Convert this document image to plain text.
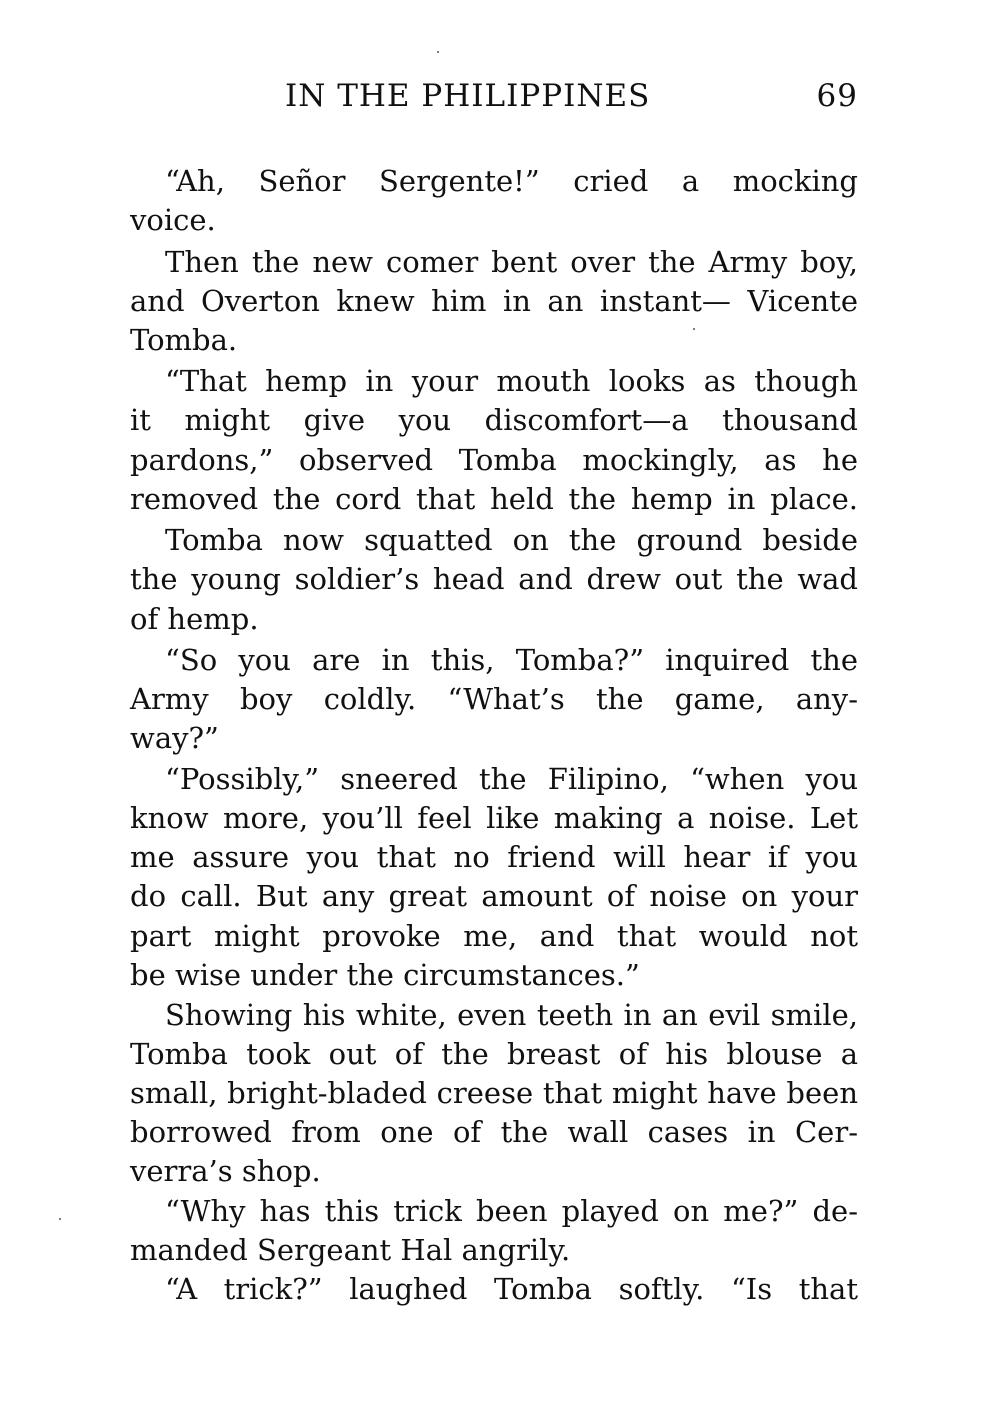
IN THE PHILIPPINES	69
“Ah, Señor Sergente!” cried a mocking
voice.
Then the new comer bent over the Army boy,
and Overton knew him in an instant— Vicente
Tomba.
“That hemp in your mouth looks as though
it might give you discomfort—a thousand
pardons,” observed Tomba mockingly, as he
removed the cord that held the hemp in place.
Tomba now squatted on the ground beside
the young soldier’s head and drew out the wad
of hemp.
“So you are in this, Tomba?” inquired the
Army boy coldly. “What’s the game, any-
way?”
“Possibly,” sneered the Filipino, “when you
know more, you’ll feel like making a noise. Let
me assure you that no friend will hear if you
do call. But any great amount of noise on your
part might provoke me, and that would not
be wise under the circumstances.”
Showing his white, even teeth in an evil smile,
Tomba took out of the breast of his blouse a
small, bright-bladed creese that might have been
borrowed from one of the wall cases in Cer-
verra’s shop.
“Why has this trick been played on me?” de-
manded Sergeant Hal angrily.
“A trick?” laughed Tomba softly. “Is that
